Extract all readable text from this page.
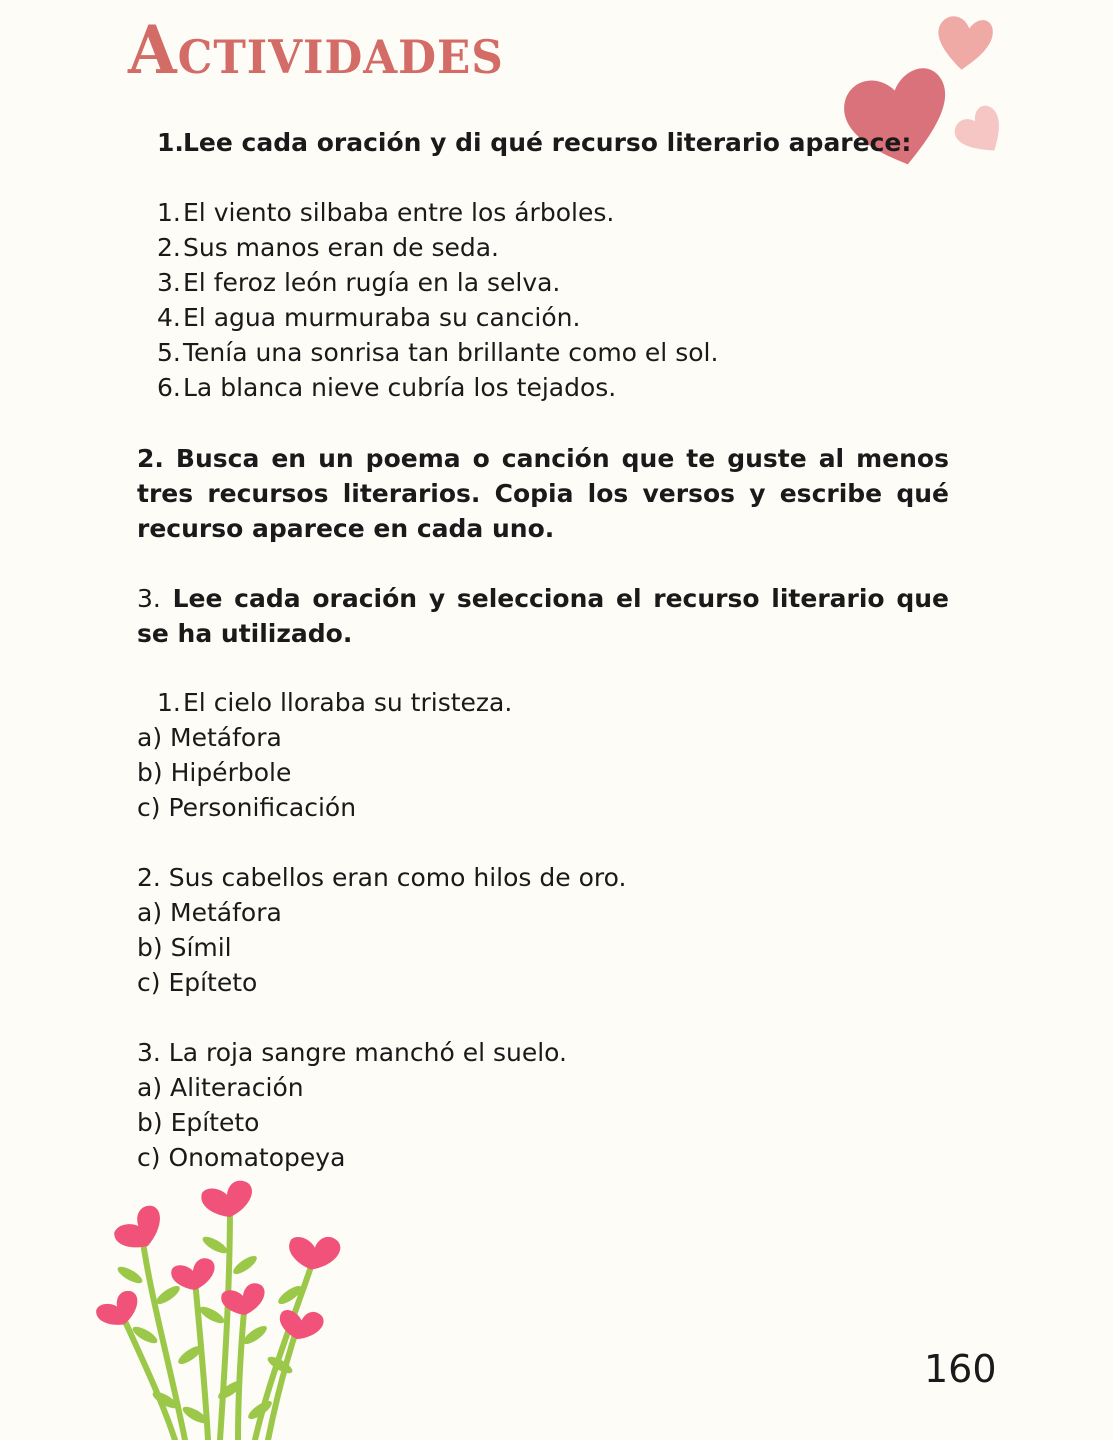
Actividades
1.Lee cada oración y di qué recurso literario aparece:
1.El viento silbaba entre los árboles.
2.Sus manos eran de seda.
3.El feroz león rugía en la selva.
4.El agua murmuraba su canción.
5.Tenía una sonrisa tan brillante como el sol.
6.La blanca nieve cubría los tejados.
2. Busca en un poema o canción que te guste al menos tres recursos literarios. Copia los versos y escribe qué recurso aparece en cada uno.
3. Lee cada oración y selecciona el recurso literario que se ha utilizado.
1.El cielo lloraba su tristeza.
a) Metáfora
b) Hipérbole
c) Personificación
2. Sus cabellos eran como hilos de oro.
a) Metáfora
b) Símil
c) Epíteto
3. La roja sangre manchó el suelo.
a) Aliteración
b) Epíteto
c) Onomatopeya
160
